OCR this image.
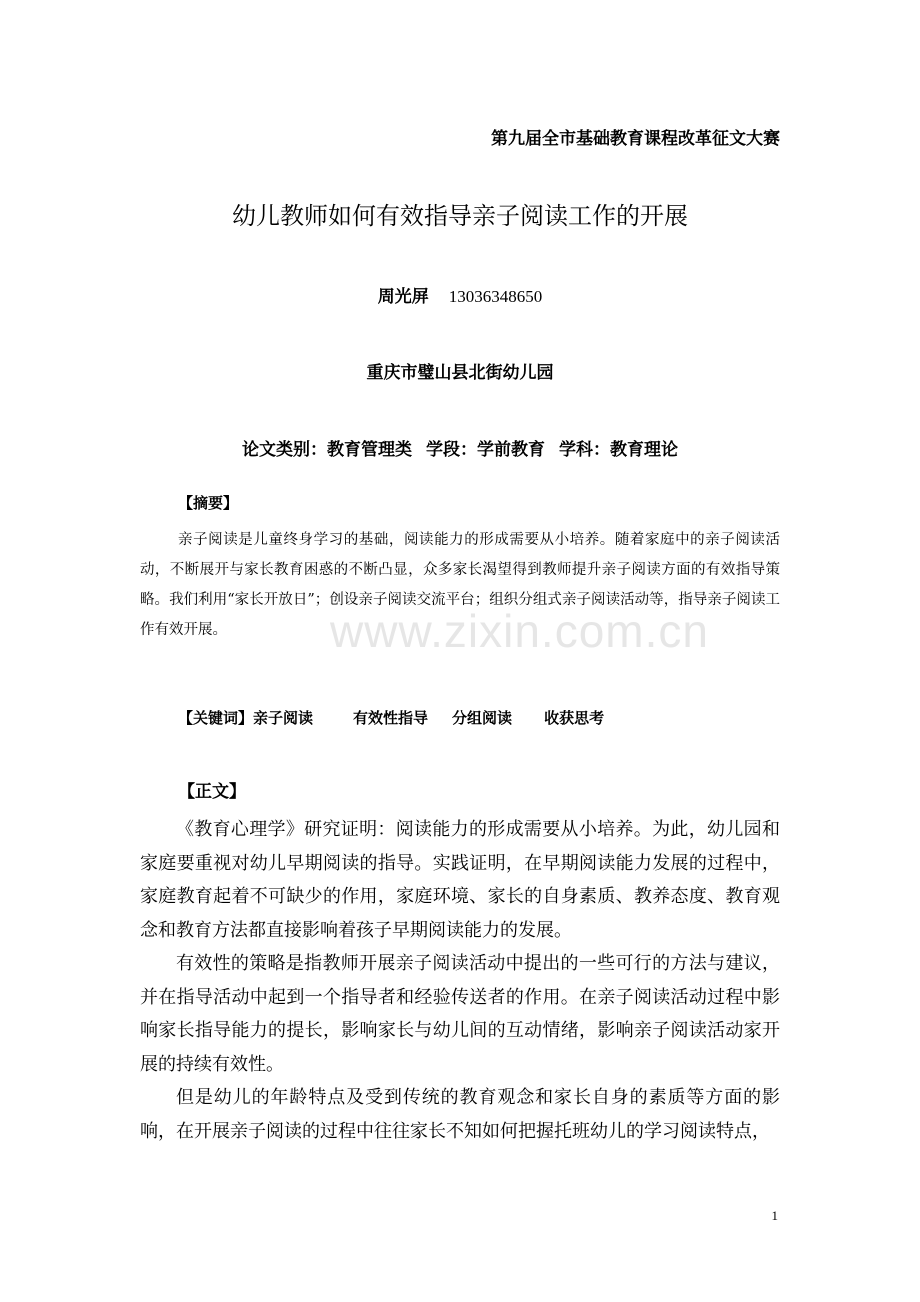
www.zixin.com.cn
第九届全市基础教育课程改革征文大赛
幼儿教师如何有效指导亲子阅读工作的开展
周光屏 13036348650
重庆市璧山县北街幼儿园
论文类别：教育管理类 学段：学前教育 学科：教育理论
【摘要】
亲子阅读是儿童终身学习的基础，阅读能力的形成需要从小培养。随着家庭中的亲子阅读活动，不断展开与家长教育困惑的不断凸显，众多家长渴望得到教师提升亲子阅读方面的有效指导策略。我们利用“家长开放日”；创设亲子阅读交流平台；组织分组式亲子阅读活动等，指导亲子阅读工作有效开展。
【关键词】亲子阅读	有效性指导 分组阅读 收获思考
【正文】

《教育心理学》研究证明：阅读能力的形成需要从小培养。为此，幼儿园和家庭要重视对幼儿早期阅读的指导。实践证明，在早期阅读能力发展的过程中，家庭教育起着不可缺少的作用，家庭环境、家长的自身素质、教养态度、教育观念和教育方法都直接影响着孩子早期阅读能力的发展。

有效性的策略是指教师开展亲子阅读活动中提出的一些可行的方法与建议，并在指导活动中起到一个指导者和经验传送者的作用。在亲子阅读活动过程中影响家长指导能力的提长，影响家长与幼儿间的互动情绪，影响亲子阅读活动家开展的持续有效性。

但是幼儿的年龄特点及受到传统的教育观念和家长自身的素质等方面的影响，在开展亲子阅读的过程中往往家长不知如何把握托班幼儿的学习阅读特点，

1
